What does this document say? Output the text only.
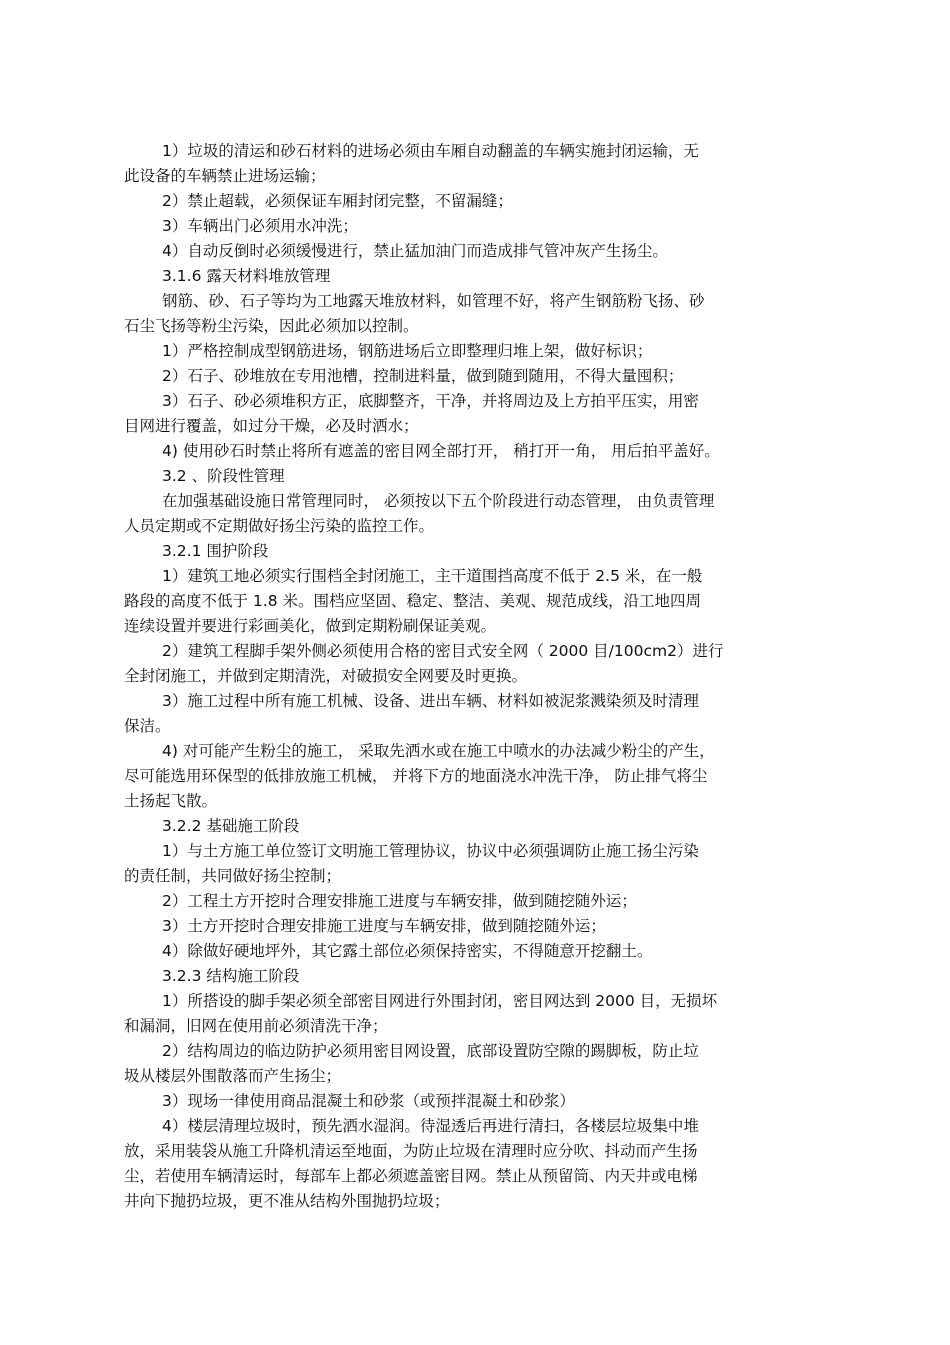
1）垃圾的清运和砂石材料的进场必须由车厢自动翻盖的车辆实施封闭运输，无

此设备的车辆禁止进场运输；

2）禁止超载，必须保证车厢封闭完整，不留漏缝；

3）车辆出门必须用水冲洗；

4）自动反倒时必须缓慢进行，禁止猛加油门而造成排气管冲灰产生扬尘。

3.1.6 露天材料堆放管理

钢筋、砂、石子等均为工地露天堆放材料，如管理不好，将产生钢筋粉飞扬、砂

石尘飞扬等粉尘污染，因此必须加以控制。

1）严格控制成型钢筋进场，钢筋进场后立即整理归堆上架，做好标识；

2）石子、砂堆放在专用池槽，控制进料量，做到随到随用，不得大量囤积；

3）石子、砂必须堆积方正，底脚整齐，干净，并将周边及上方拍平压实，用密

目网进行覆盖，如过分干燥，必及时洒水；

4) 使用砂石时禁止将所有遮盖的密目网全部打开， 稍打开一角， 用后拍平盖好。

3.2 、阶段性管理

在加强基础设施日常管理同时， 必须按以下五个阶段进行动态管理， 由负责管理

人员定期或不定期做好扬尘污染的监控工作。

3.2.1 围护阶段

1）建筑工地必须实行围档全封闭施工，主干道围挡高度不低于 2.5 米，在一般

路段的高度不低于 1.8 米。围档应坚固、稳定、整洁、美观、规范成线，沿工地四周

连续设置并要进行彩画美化，做到定期粉刷保证美观。

2）建筑工程脚手架外侧必须使用合格的密目式安全网（ 2000 目/100cm2）进行

全封闭施工，并做到定期清洗，对破损安全网要及时更换。

3）施工过程中所有施工机械、设备、进出车辆、材料如被泥浆溅染须及时清理

保洁。

4) 对可能产生粉尘的施工， 采取先洒水或在施工中喷水的办法减少粉尘的产生，

尽可能选用环保型的低排放施工机械， 并将下方的地面浇水冲洗干净， 防止排气将尘

土扬起飞散。

3.2.2 基础施工阶段

1）与土方施工单位签订文明施工管理协议，协议中必须强调防止施工扬尘污染

的责任制，共同做好扬尘控制；

2）工程土方开挖时合理安排施工进度与车辆安排，做到随挖随外运；

3）土方开挖时合理安排施工进度与车辆安排，做到随挖随外运；

4）除做好硬地坪外，其它露土部位必须保持密实，不得随意开挖翻土。

3.2.3 结构施工阶段

1）所搭设的脚手架必须全部密目网进行外围封闭，密目网达到 2000 目，无损坏

和漏洞，旧网在使用前必须清洗干净；

2）结构周边的临边防护必须用密目网设置，底部设置防空隙的踢脚板，防止垃

圾从楼层外围散落而产生扬尘；

3）现场一律使用商品混凝土和砂浆（或预拌混凝土和砂浆）

4）楼层清理垃圾时，预先洒水湿润。待湿透后再进行清扫，各楼层垃圾集中堆

放，采用装袋从施工升降机清运至地面，为防止垃圾在清理时应分吹、抖动而产生扬

尘，若使用车辆清运时，每部车上都必须遮盖密目网。禁止从预留筒、内天井或电梯

井向下抛扔垃圾，更不准从结构外围抛扔垃圾；
